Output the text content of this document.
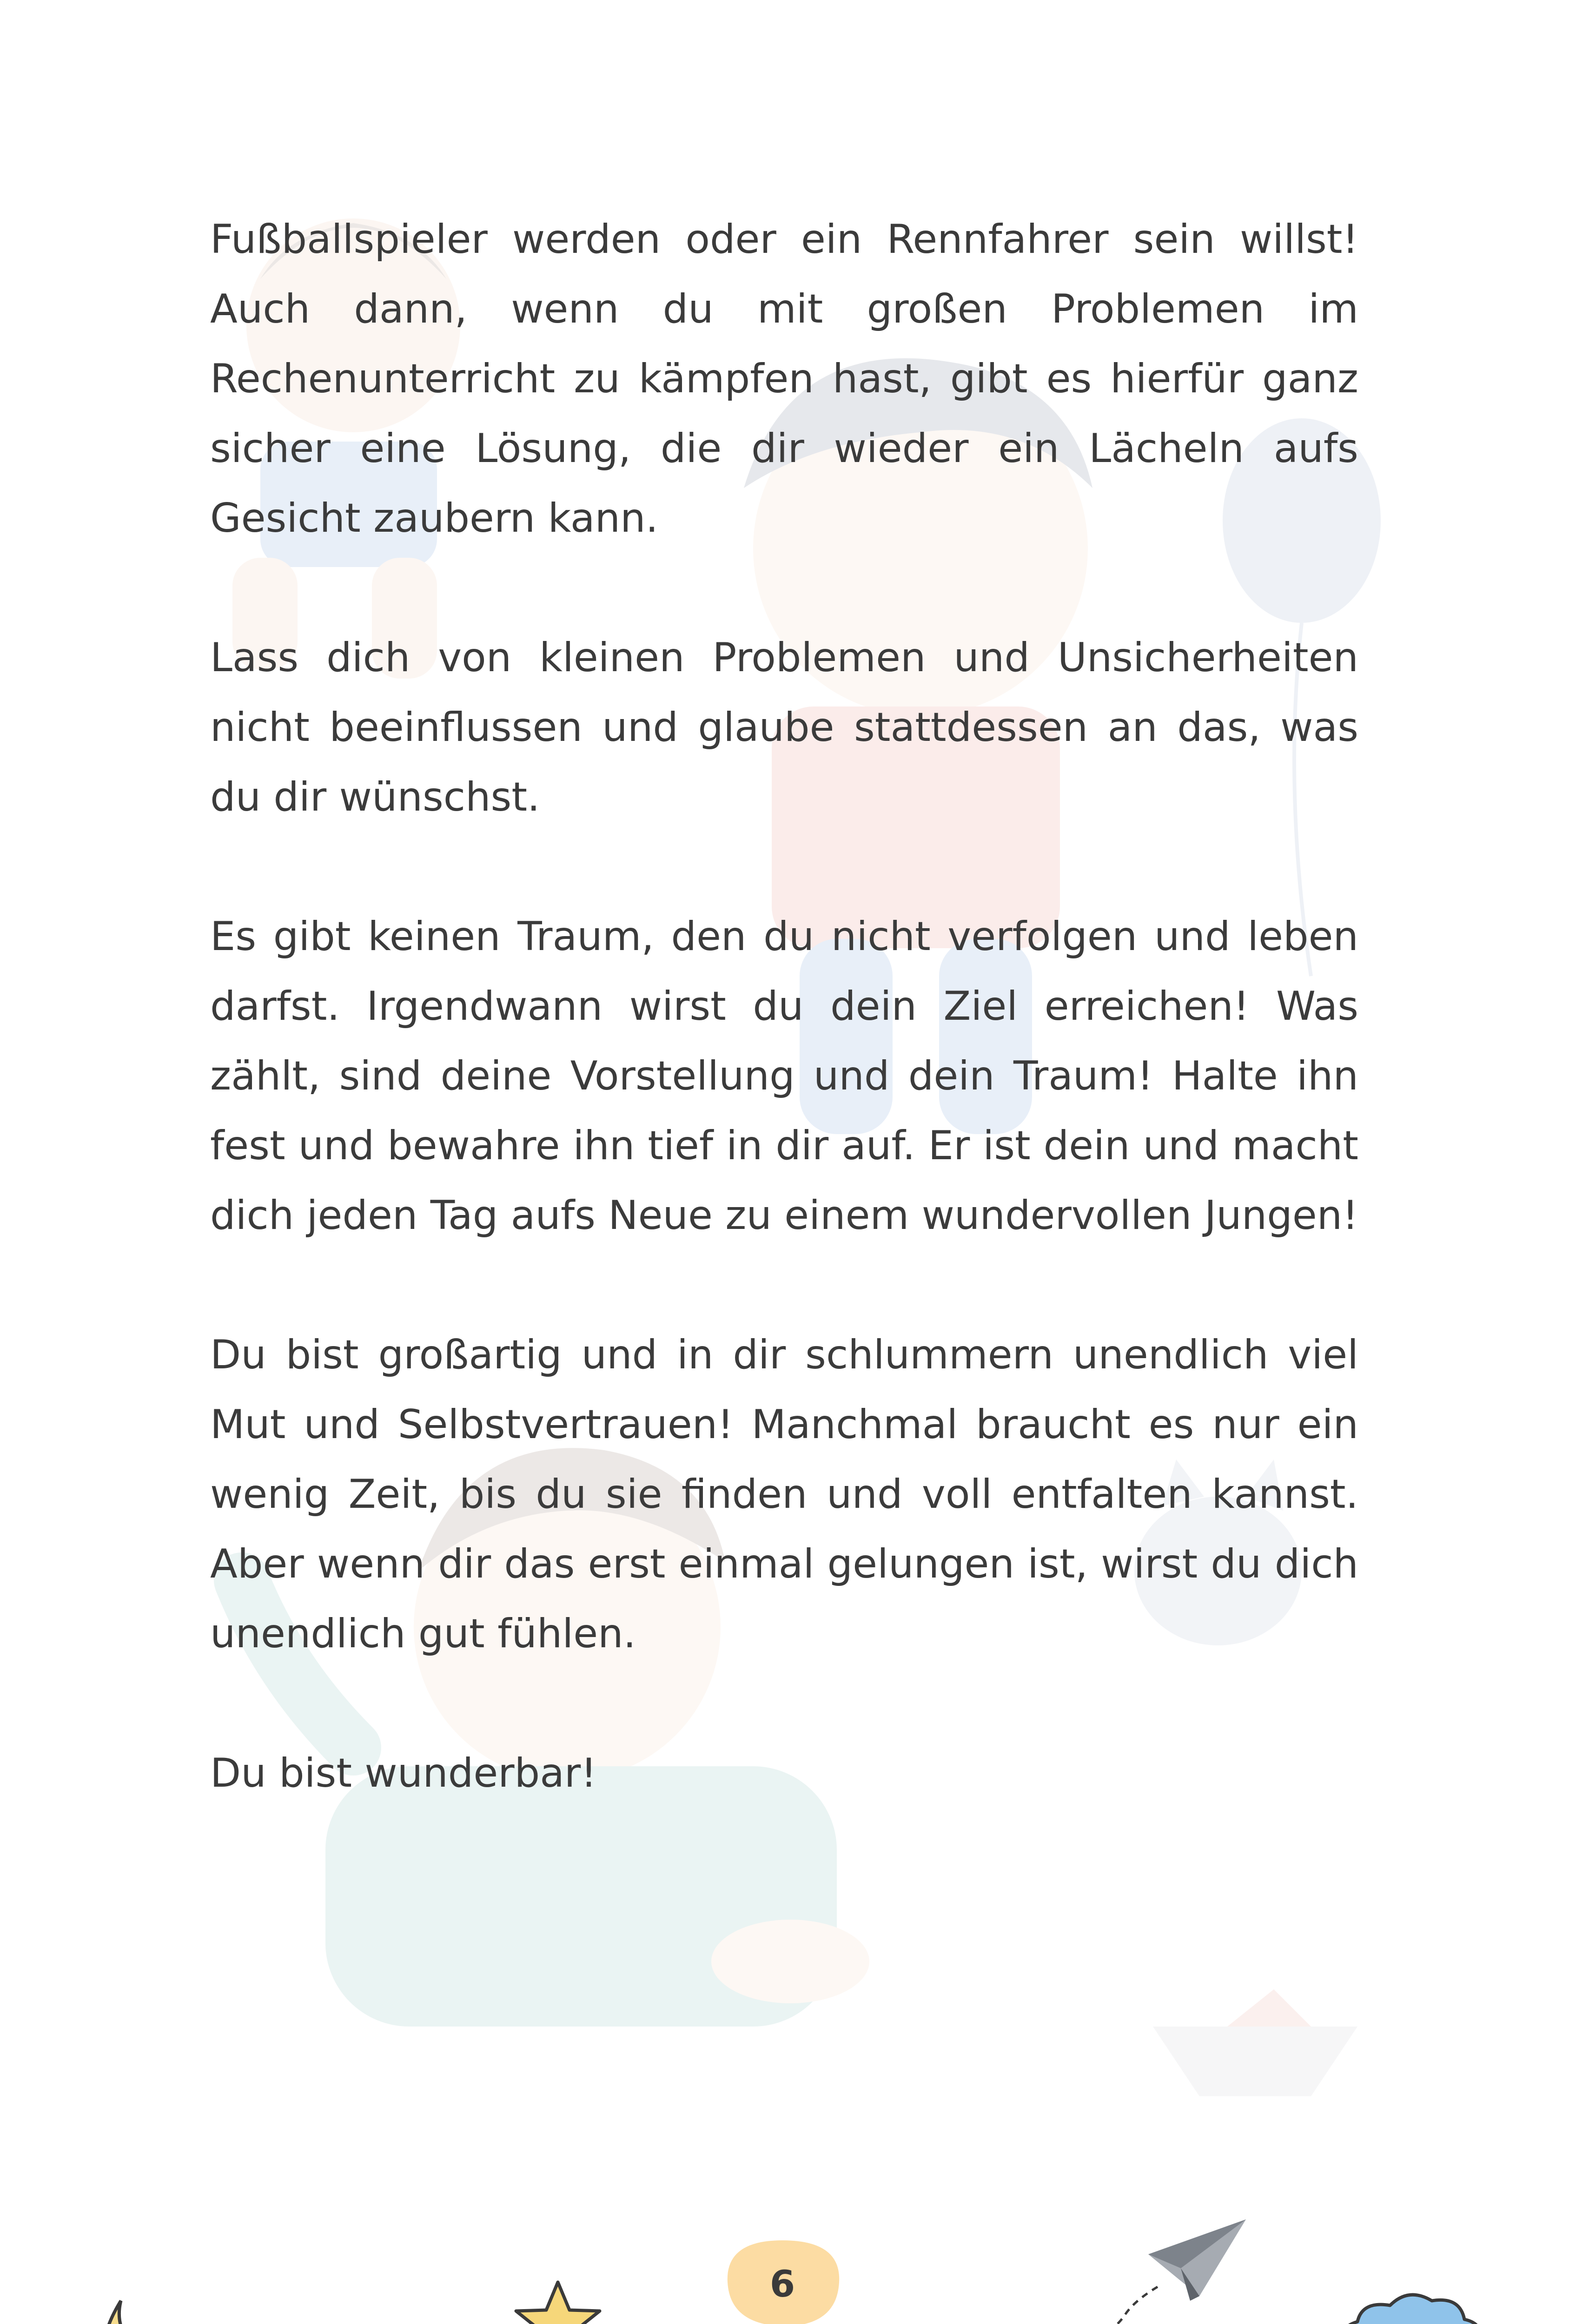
Fußballspieler werden oder ein Rennfahrer sein willst! Auch dann, wenn du mit großen Problemen im Rechenunterricht zu kämpfen hast, gibt es hierfür ganz sicher eine Lösung, die dir wieder ein Lächeln aufs Gesicht zaubern kann.

Lass dich von kleinen Problemen und Unsicherheiten nicht beeinflussen und glaube stattdessen an das, was du dir wünschst.

Es gibt keinen Traum, den du nicht verfolgen und leben darfst. Irgendwann wirst du dein Ziel erreichen! Was zählt, sind deine Vorstellung und dein Traum! Halte ihn fest und bewahre ihn tief in dir auf. Er ist dein und macht dich jeden Tag aufs Neue zu einem wundervollen Jungen!

Du bist großartig und in dir schlummern unendlich viel Mut und Selbstvertrauen! Manchmal braucht es nur ein wenig Zeit, bis du sie finden und voll entfalten kannst. Aber wenn dir das erst einmal gelungen ist, wirst du dich unendlich gut fühlen.

Du bist wunderbar!

6
